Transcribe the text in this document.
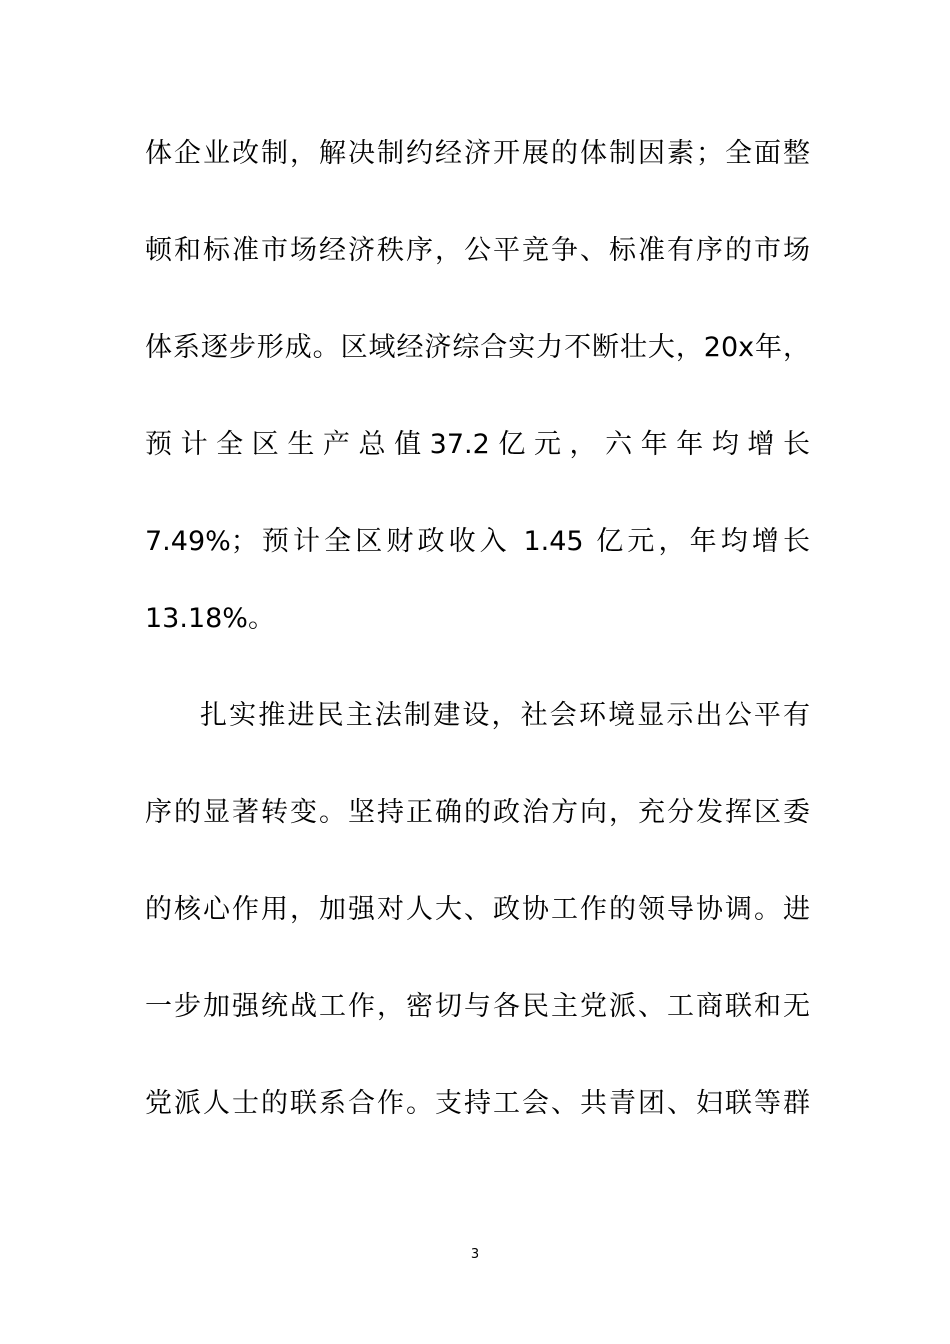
体企业改制，解决制约经济开展的体制因素；全面整
顿和标准市场经济秩序，公平竞争、标准有序的市场
体系逐步形成。区域经济综合实力不断壮大，20x年，
预 计 全 区 生 产 总 值 37.2 亿 元 ， 六 年 年 均 增 长
7.49%；预计全区财政收入 1.45 亿元，年均增长
13.18%。
扎实推进民主法制建设，社会环境显示出公平有
序的显著转变。坚持正确的政治方向，充分发挥区委
的核心作用，加强对人大、政协工作的领导协调。进
一步加强统战工作，密切与各民主党派、工商联和无
党派人士的联系合作。支持工会、共青团、妇联等群
3
